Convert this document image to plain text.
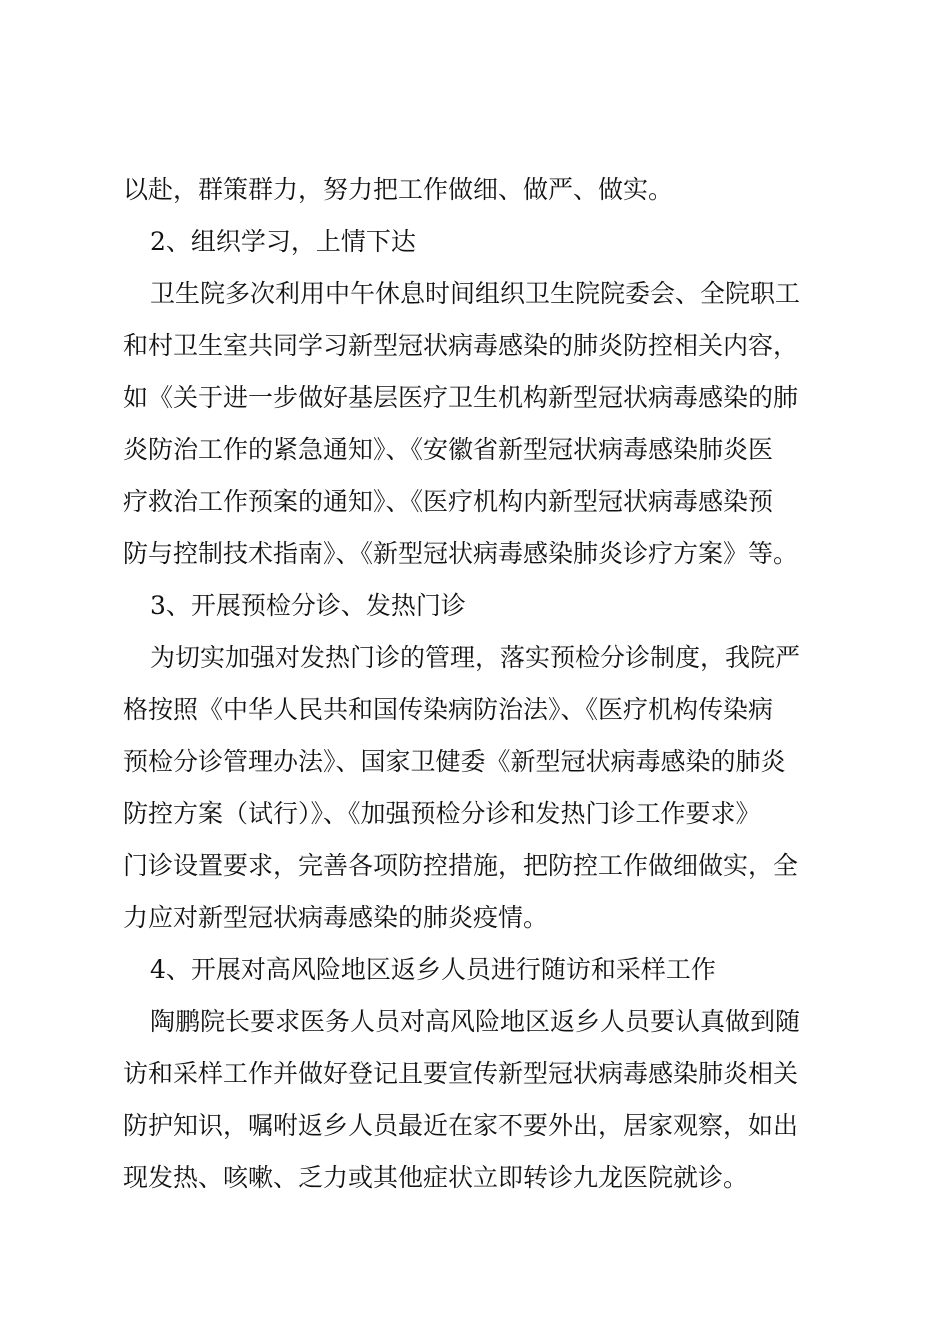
以赴，群策群力，努力把工作做细、做严、做实。
2、组织学习，上情下达
卫生院多次利用中午休息时间组织卫生院院委会、全院职工
和村卫生室共同学习新型冠状病毒感染的肺炎防控相关内容，
如《关于进一步做好基层医疗卫生机构新型冠状病毒感染的肺
炎防治工作的紧急通知》、《安徽省新型冠状病毒感染肺炎医
疗救治工作预案的通知》、《医疗机构内新型冠状病毒感染预
防与控制技术指南》、《新型冠状病毒感染肺炎诊疗方案》等。
3、开展预检分诊、发热门诊
为切实加强对发热门诊的管理，落实预检分诊制度，我院严
格按照《中华人民共和国传染病防治法》、《医疗机构传染病
预检分诊管理办法》、国家卫健委《新型冠状病毒感染的肺炎
防控方案（试行）》、《加强预检分诊和发热门诊工作要求》
门诊设置要求，完善各项防控措施，把防控工作做细做实，全
力应对新型冠状病毒感染的肺炎疫情。
4、开展对高风险地区返乡人员进行随访和采样工作
陶鹏院长要求医务人员对高风险地区返乡人员要认真做到随
访和采样工作并做好登记且要宣传新型冠状病毒感染肺炎相关
防护知识，嘱咐返乡人员最近在家不要外出，居家观察，如出
现发热、咳嗽、乏力或其他症状立即转诊九龙医院就诊。
